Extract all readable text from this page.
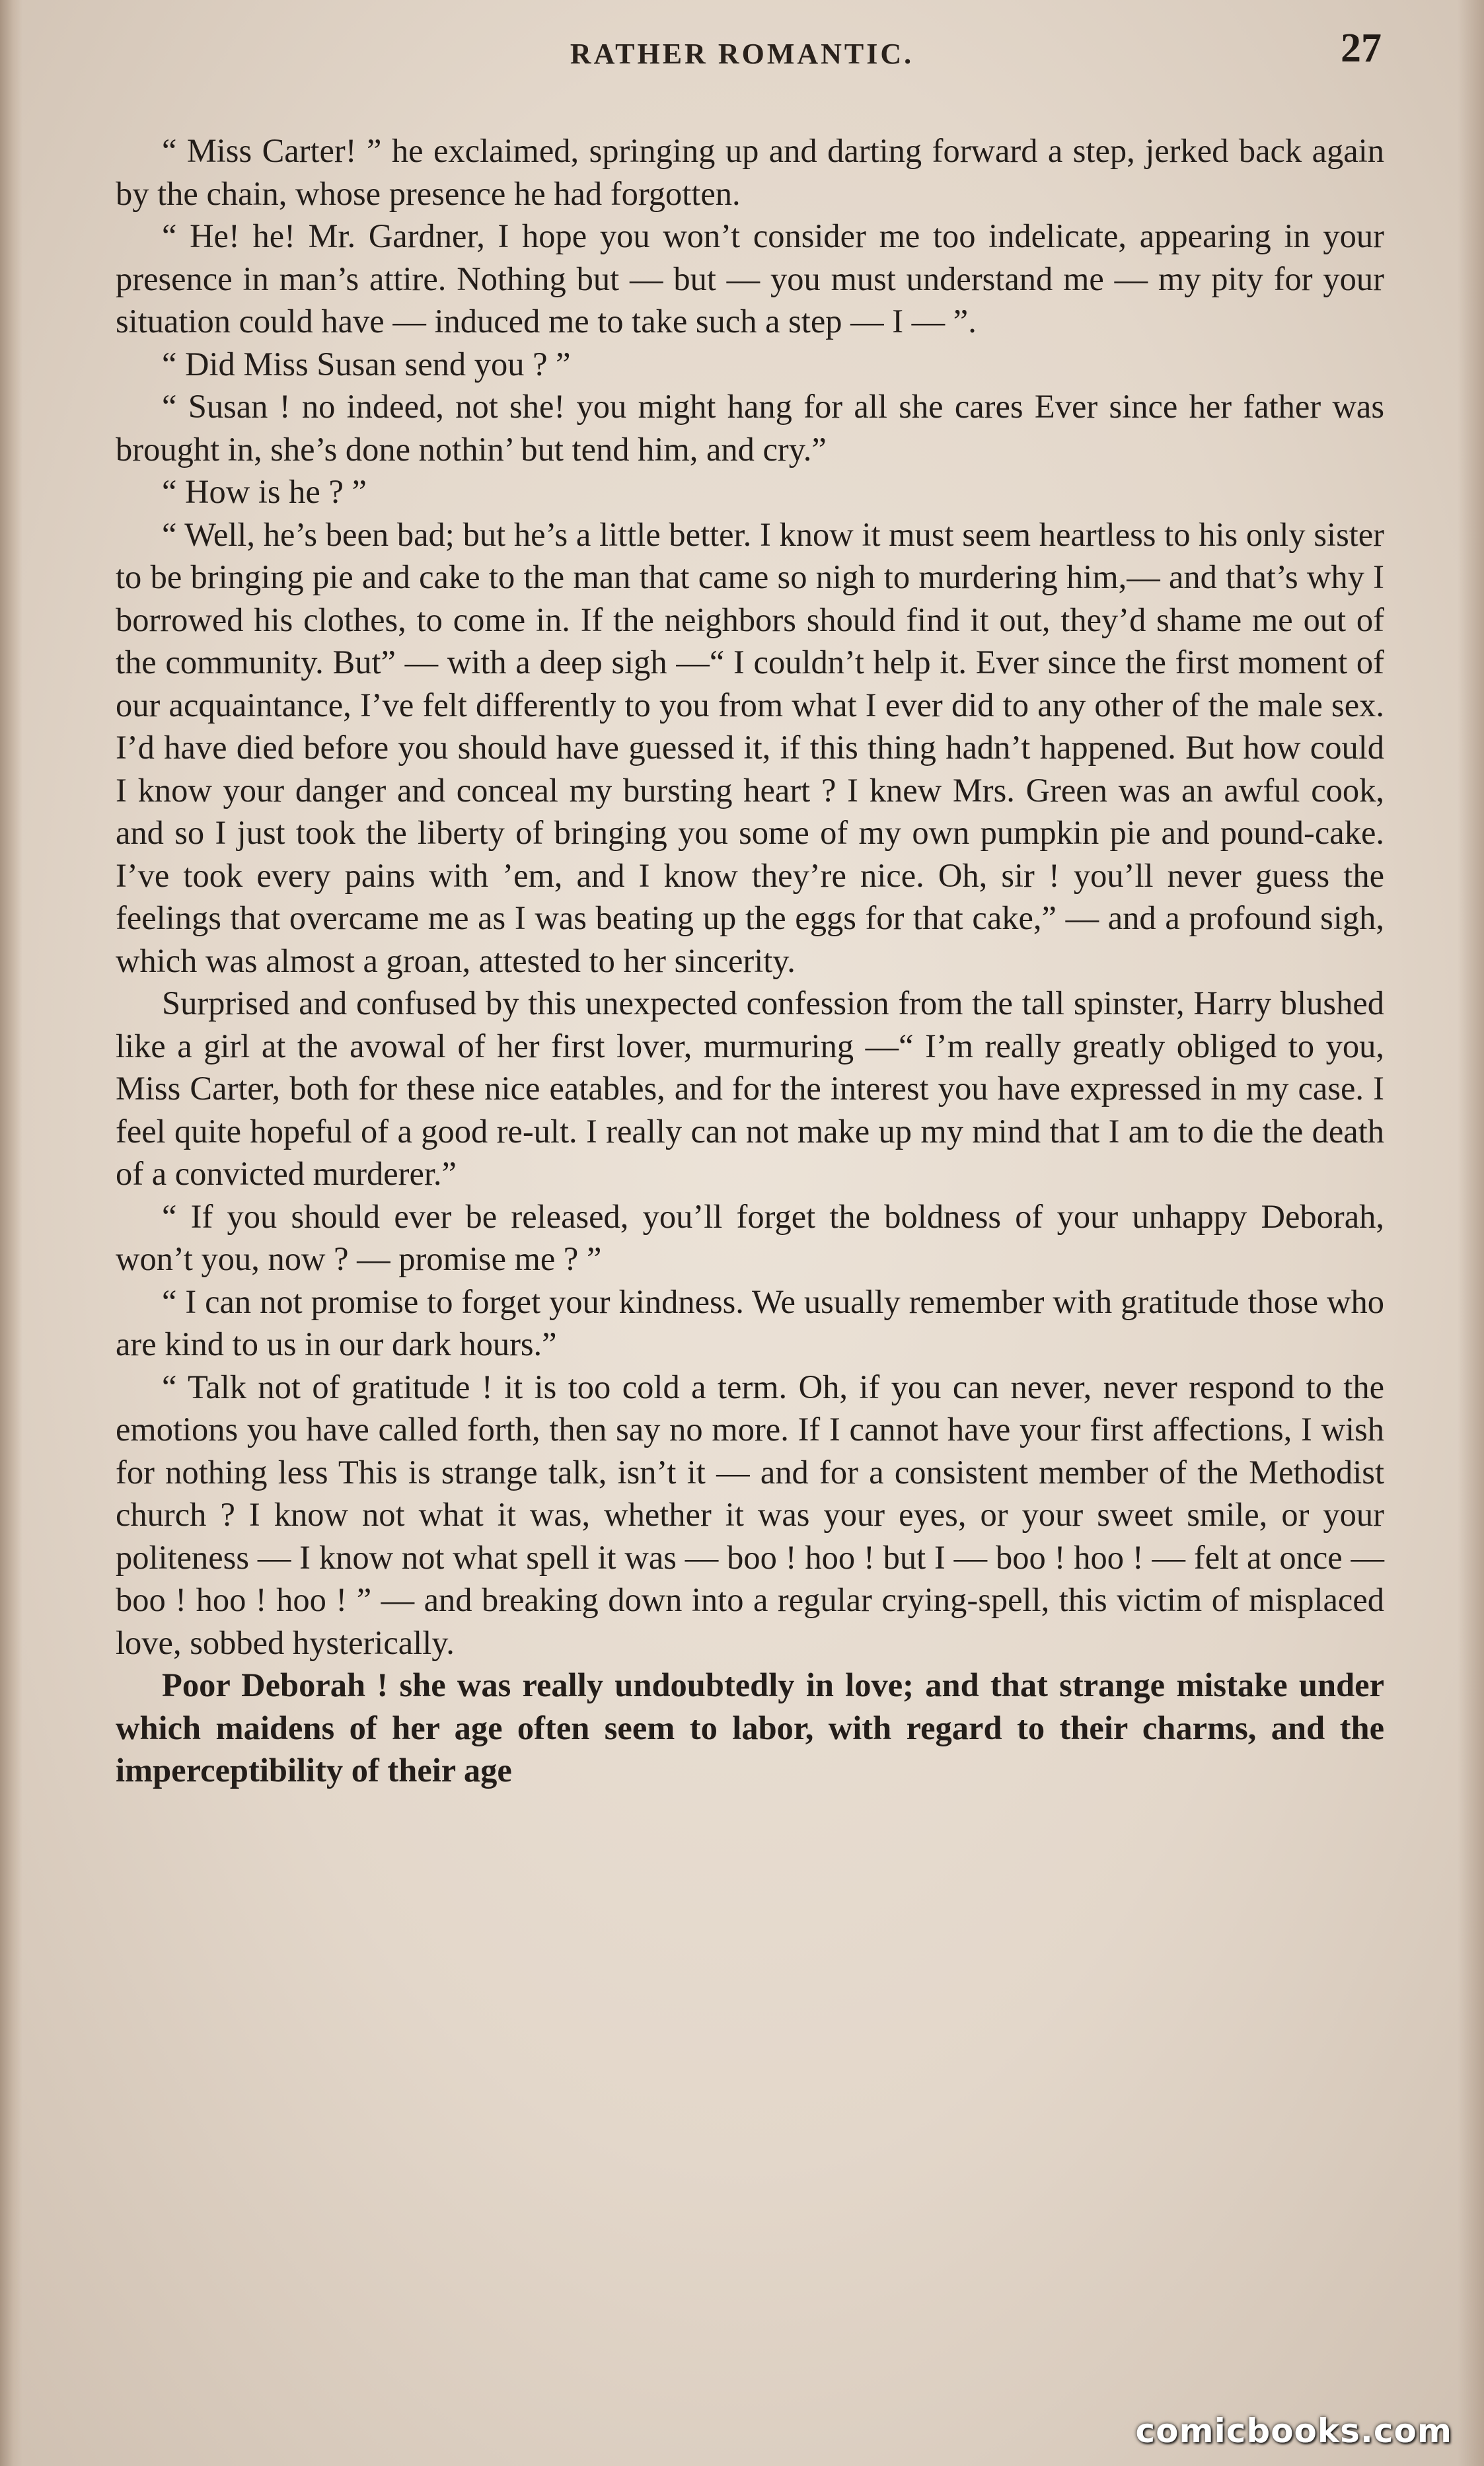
RATHER ROMANTIC.	27

“ Miss Carter! ” he exclaimed, springing up and darting forward a step, jerked back again by the chain, whose presence he had forgotten.

“ He! he! Mr. Gardner, I hope you won’t consider me too indelicate, appearing in your presence in man’s attire. Nothing but — but — you must understand me — my pity for your situation could have — induced me to take such a step — I — ”.

“ Did Miss Susan send you ? ”

“ Susan ! no indeed, not she! you might hang for all she cares Ever since her father was brought in, she’s done nothin’ but tend him, and cry.”

“ How is he ? ”

“ Well, he’s been bad; but he’s a little better. I know it must seem heartless to his only sister to be bringing pie and cake to the man that came so nigh to murdering him,— and that’s why I borrowed his clothes, to come in. If the neighbors should find it out, they’d shame me out of the community. But” — with a deep sigh —“ I couldn’t help it. Ever since the first moment of our acquaintance, I’ve felt differently to you from what I ever did to any other of the male sex. I’d have died before you should have guessed it, if this thing hadn’t happened. But how could I know your danger and conceal my bursting heart ? I knew Mrs. Green was an awful cook, and so I just took the liberty of bringing you some of my own pumpkin pie and pound-cake. I’ve took every pains with ’em, and I know they’re nice. Oh, sir ! you’ll never guess the feelings that overcame me as I was beating up the eggs for that cake,” — and a profound sigh, which was almost a groan, attested to her sincerity.

Surprised and confused by this unexpected confession from the tall spinster, Harry blushed like a girl at the avowal of her first lover, murmuring —“ I’m really greatly obliged to you, Miss Carter, both for these nice eatables, and for the interest you have expressed in my case. I feel quite hopeful of a good re-ult. I really can not make up my mind that I am to die the death of a convicted murderer.”

“ If you should ever be released, you’ll forget the boldness of your unhappy Deborah, won’t you, now ? — promise me ? ”

“ I can not promise to forget your kindness. We usually remember with gratitude those who are kind to us in our dark hours.”

“ Talk not of gratitude ! it is too cold a term. Oh, if you can never, never respond to the emotions you have called forth, then say no more. If I cannot have your first affections, I wish for nothing less This is strange talk, isn’t it — and for a consistent member of the Methodist church ? I know not what it was, whether it was your eyes, or your sweet smile, or your politeness — I know not what spell it was — boo ! hoo ! but I — boo ! hoo ! — felt at once — boo ! hoo ! hoo ! ” — and breaking down into a regular crying-spell, this victim of misplaced love, sobbed hysterically.

Poor Deborah ! she was really undoubtedly in love; and that strange mistake under which maidens of her age often seem to labor, with regard to their charms, and the imperceptibility of their age

comicbooks.com
